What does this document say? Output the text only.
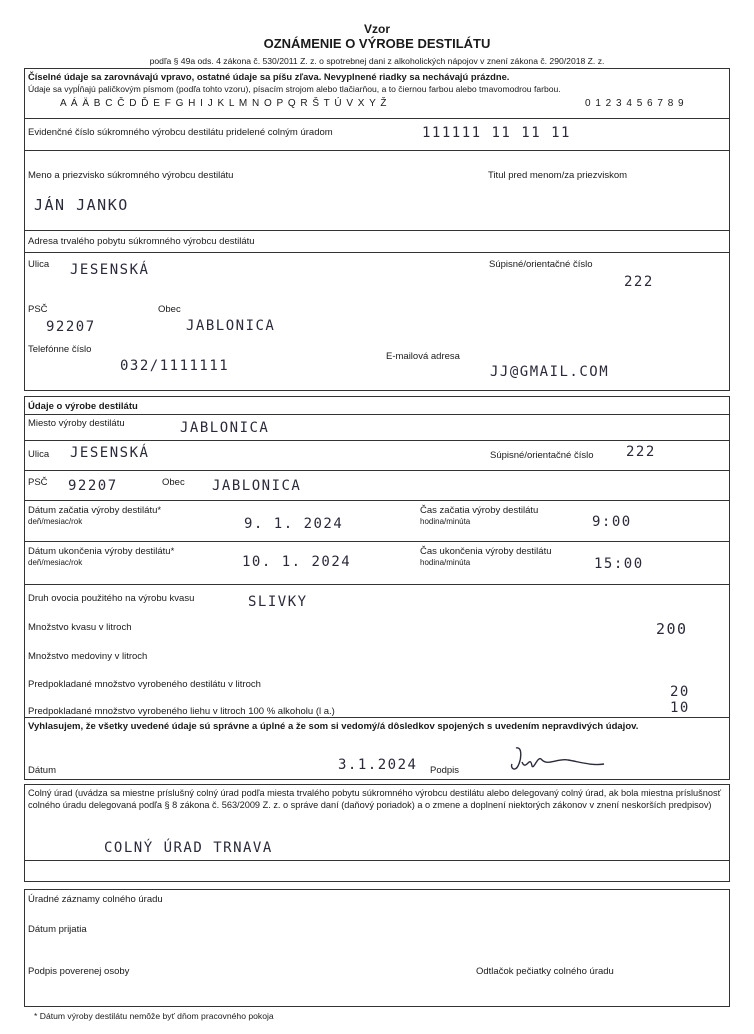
Vzor
OZNÁMENIE O VÝROBE DESTILÁTU
podľa § 49a ods. 4 zákona č. 530/2011 Z. z. o spotrebnej dani z alkoholických nápojov v znení zákona č. 290/2018 Z. z.
Číselné údaje sa zarovnávajú vpravo, ostatné údaje sa píšu zľava. Nevyplnené riadky sa nechávajú prázdne.
Údaje sa vypĺňajú paličkovým písmom (podľa tohto vzoru), písacím strojom alebo tlačiarňou, a to čiernou farbou alebo tmavomodrou farbou.
A Á Ä B C Č D Ď E F G H I J K L M N O P Q R Š T Ú V X Y Ž	0 1 2 3 4 5 6 7 8 9
Evidenčné číslo súkromného výrobcu destilátu pridelené colným úradom	111111 11 11 11
Meno a priezvisko súkromného výrobcu destilátu	Titul pred menom/za priezviskom
JÁN JANKO
Adresa trvalého pobytu súkromného výrobcu destilátu
Ulica JESENSKÁ	Súpisné/orientačné číslo
222
PSČ	Obec
92207	JABLONICA
Telefónne číslo
032/1111111
E-mailová adresa
JJ@GMAIL.COM
Údaje o výrobe destilátu
Miesto výroby destilátu	JABLONICA
Ulica JESENSKÁ	Súpisné/orientačné číslo 222
PSČ 92207	Obec JABLONICA
Dátum začatia výroby destilátu*
deň/mesiac/rok	9. 1. 2024
Čas začatia výroby destilátu
hodina/minúta	9:00
Dátum ukončenia výroby destilátu*
deň/mesiac/rok	10. 1. 2024
Čas ukončenia výroby destilátu
hodina/minúta	15:00
Druh ovocia použitého na výrobu kvasu	SLIVKY
Množstvo kvasu v litroch	200
Množstvo medoviny v litroch
Predpokladané množstvo vyrobeného destilátu v litroch	20
Predpokladané množstvo vyrobeného liehu v litroch 100 % alkoholu (l a.)	10
Vyhlasujem, že všetky uvedené údaje sú správne a úplné a že som si vedomý/á dôsledkov spojených s uvedením nepravdivých údajov.
Dátum	3.1.2024 Podpis
Colný úrad (uvádza sa miestne príslušný colný úrad podľa miesta trvalého pobytu súkromného výrobcu destilátu alebo delegovaný colný úrad, ak bola miestna príslušnosť colného úradu delegovaná podľa § 8 zákona č. 563/2009 Z. z. o správe daní (daňový poriadok) a o zmene a doplnení niektorých zákonov v znení neskorších predpisov)
COLNÝ ÚRAD TRNAVA
Úradné záznamy colného úradu
Dátum prijatia
Podpis poverenej osoby	Odtlačok pečiatky colného úradu
* Dátum výroby destilátu nemôže byť dňom pracovného pokoja
